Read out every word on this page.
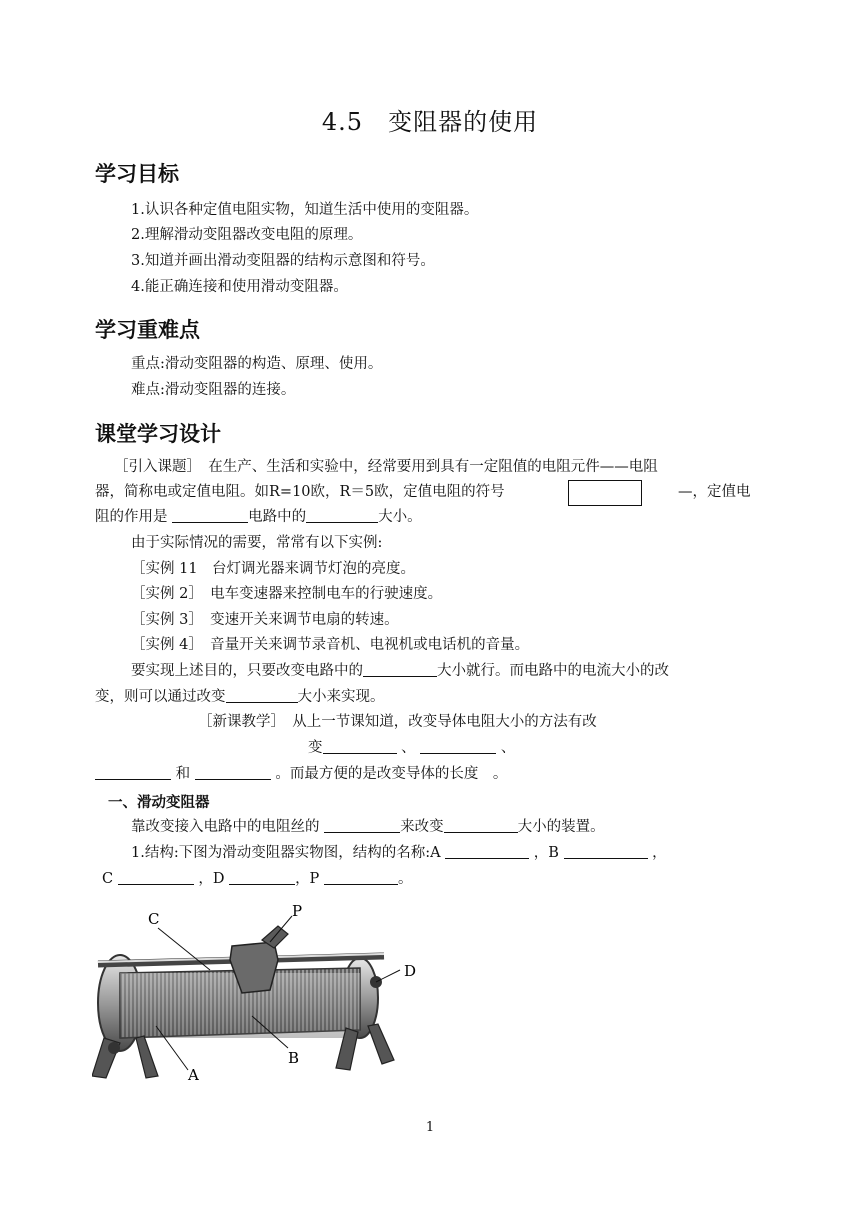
4.5　变阻器的使用
学习目标
1.认识各种定值电阻实物，知道生活中使用的变阻器。
2.理解滑动变阻器改变电阻的原理。
3.知道并画出滑动变阻器的结构示意图和符号。
4.能正确连接和使用滑动变阻器。
学习重难点
重点:滑动变阻器的构造、原理、使用。
难点:滑动变阻器的连接。
课堂学习设计
［引入课题］　在生产、生活和实验中，经常要用到具有一定阻值的电阻元件——电阻
器，简称电或定值电阻。如R=10欧，R＝5欧，定值电阻的符号	—，定值电
阻的作用是	电路中的	大小。
由于实际情况的需要，常常有以下实例:
［实例 11　台灯调光器来调节灯泡的亮度。
［实例 2］　电车变速器来控制电车的行驶速度。
［实例 3］　变速开关来调节电扇的转速。
［实例 4］　音量开关来调节录音机、电视机或电话机的音量。
要实现上述目的，只要改变电路中的	大小就行。而电路中的电流大小的改
变，则可以通过改变	大小来实现。
［新课教学］　从上一节课知道，改变导体电阻大小的方法有改
变	、	、
和	。而最方便的是改变导体的长度　。
一、滑动变阻器
靠改变接入电路中的电阻丝的	来改变	大小的装置。
1.结构:下图为滑动变阻器实物图，结构的名称:A	，B	，
C	，D	，P	。
C	P
D
A
B
1
